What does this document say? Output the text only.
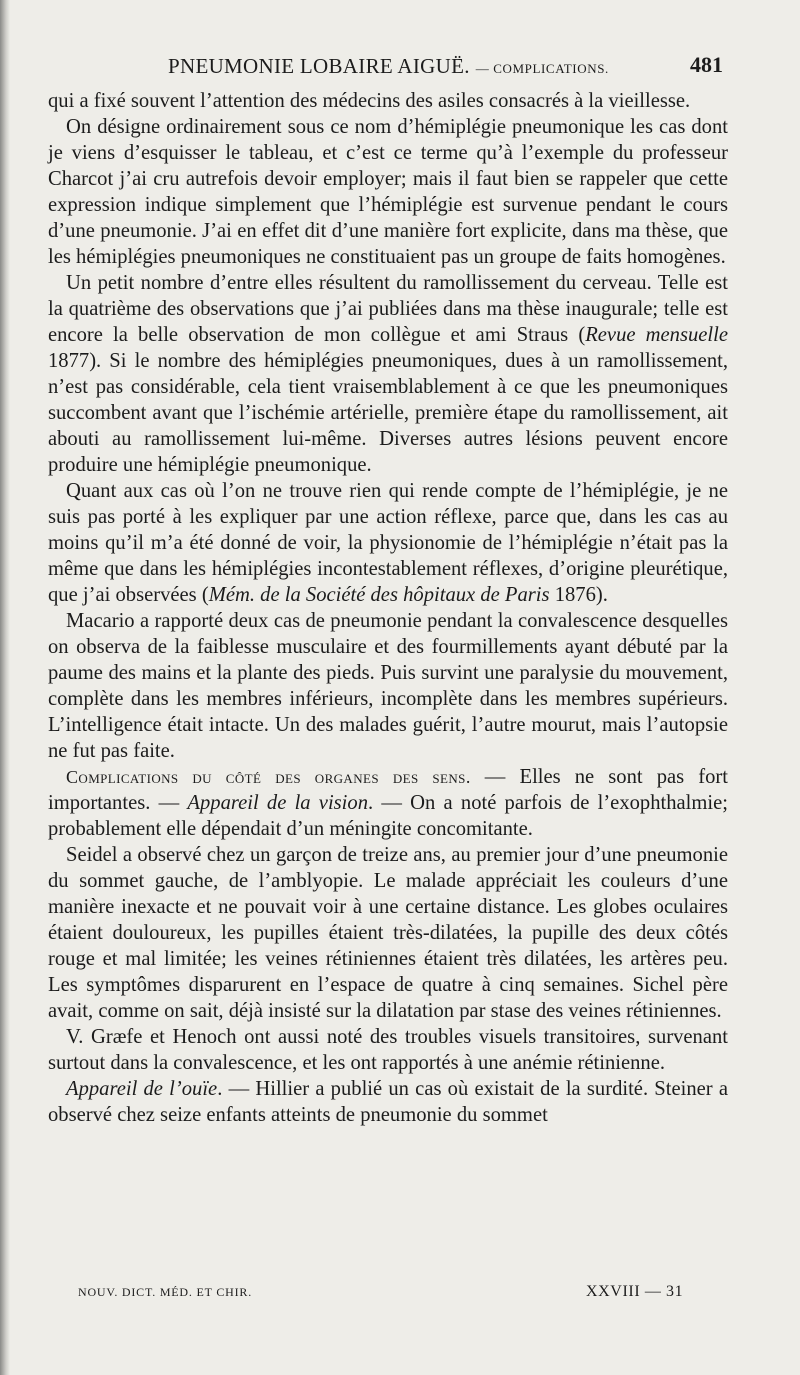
PNEUMONIE LOBAIRE AIGUË. — COMPLICATIONS.	481

qui a fixé souvent l’attention des médecins des asiles consacrés à la vieillesse.

On désigne ordinairement sous ce nom d’hémiplégie pneumonique les cas dont je viens d’esquisser le tableau, et c’est ce terme qu’à l’exemple du professeur Charcot j’ai cru autrefois devoir employer; mais il faut bien se rappeler que cette expression indique simplement que l’hémiplégie est survenue pendant le cours d’une pneumonie. J’ai en effet dit d’une manière fort explicite, dans ma thèse, que les hémiplégies pneumoniques ne constituaient pas un groupe de faits homogènes.

Un petit nombre d’entre elles résultent du ramollissement du cerveau. Telle est la quatrième des observations que j’ai publiées dans ma thèse inaugurale; telle est encore la belle observation de mon collègue et ami Straus (Revue mensuelle 1877). Si le nombre des hémiplégies pneumoniques, dues à un ramollissement, n’est pas considérable, cela tient vraisemblablement à ce que les pneumoniques succombent avant que l’ischémie artérielle, première étape du ramollissement, ait abouti au ramollissement lui-même. Diverses autres lésions peuvent encore produire une hémiplégie pneumonique.

Quant aux cas où l’on ne trouve rien qui rende compte de l’hémiplégie, je ne suis pas porté à les expliquer par une action réflexe, parce que, dans les cas au moins qu’il m’a été donné de voir, la physionomie de l’hémiplégie n’était pas la même que dans les hémiplégies incontestablement réflexes, d’origine pleurétique, que j’ai observées (Mém. de la Société des hôpitaux de Paris 1876).

Macario a rapporté deux cas de pneumonie pendant la convalescence desquelles on observa de la faiblesse musculaire et des fourmillements ayant débuté par la paume des mains et la plante des pieds. Puis survint une paralysie du mouvement, complète dans les membres inférieurs, incomplète dans les membres supérieurs. L’intelligence était intacte. Un des malades guérit, l’autre mourut, mais l’autopsie ne fut pas faite.

Complications du côté des organes des sens. — Elles ne sont pas fort importantes. — Appareil de la vision. — On a noté parfois de l’exophthalmie; probablement elle dépendait d’un méningite concomitante.

Seidel a observé chez un garçon de treize ans, au premier jour d’une pneumonie du sommet gauche, de l’amblyopie. Le malade appréciait les couleurs d’une manière inexacte et ne pouvait voir à une certaine distance. Les globes oculaires étaient douloureux, les pupilles étaient très-dilatées, la pupille des deux côtés rouge et mal limitée; les veines rétiniennes étaient très dilatées, les artères peu. Les symptômes disparurent en l’espace de quatre à cinq semaines. Sichel père avait, comme on sait, déjà insisté sur la dilatation par stase des veines rétiniennes.

V. Græfe et Henoch ont aussi noté des troubles visuels transitoires, survenant surtout dans la convalescence, et les ont rapportés à une anémie rétinienne.

Appareil de l’ouïe. — Hillier a publié un cas où existait de la surdité. Steiner a observé chez seize enfants atteints de pneumonie du sommet

NOUV. DICT. MÉD. ET CHIR.	XXVIII — 31
